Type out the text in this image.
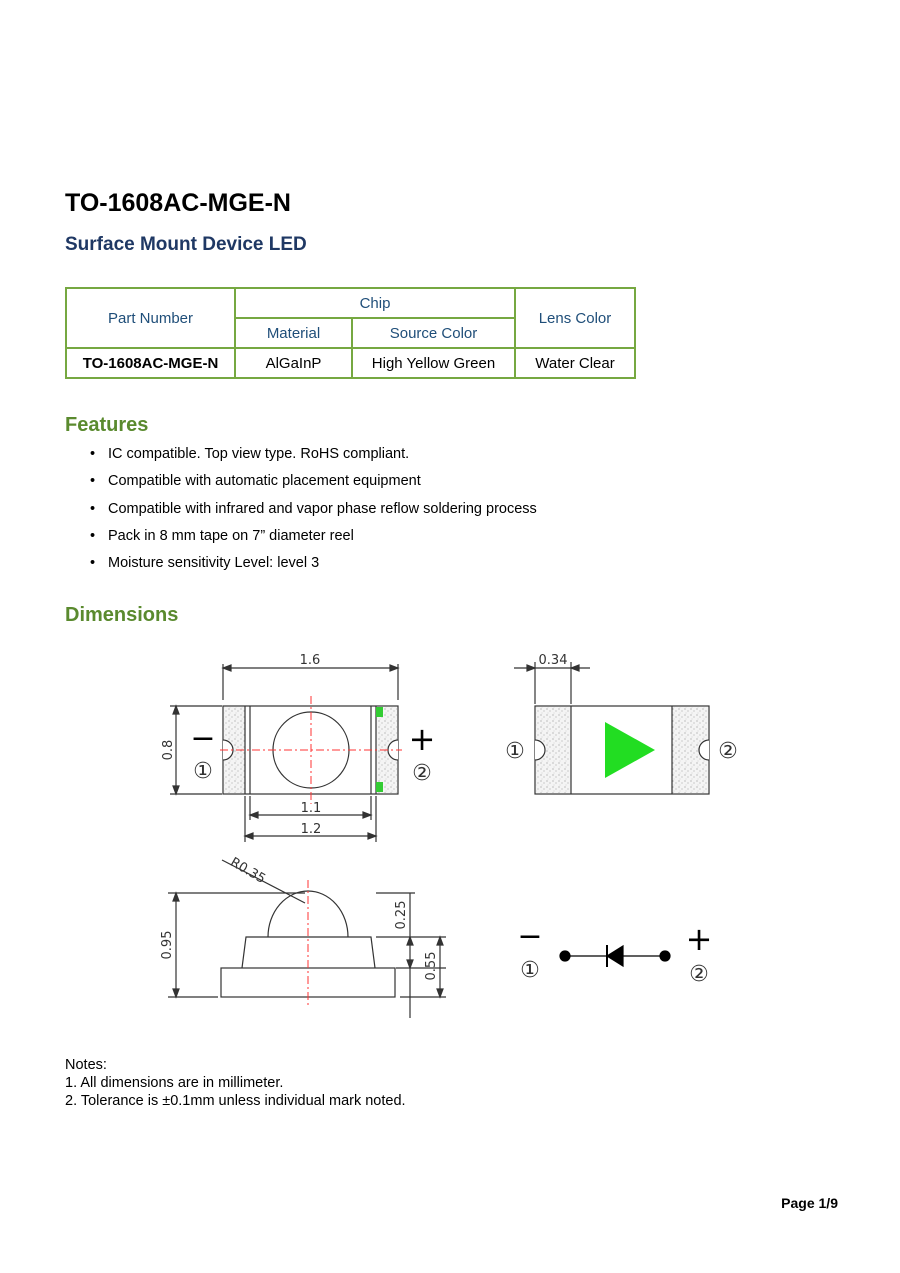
TO-1608AC-MGE-N
Surface Mount Device LED
Part Number	Chip		Lens Color
	Material	Source Color	
TO-1608AC-MGE-N	AlGaInP	High Yellow Green	Water Clear
Features
• IC compatible. Top view type. RoHS compliant.
• Compatible with automatic placement equipment
• Compatible with infrared and vapor phase reflow soldering process
• Pack in 8 mm tape on 7” diameter reel
• Moisture sensitivity Level: level 3
Dimensions
1.6
0.8
1.1
1.2
−
①
+
②
0.34
①	②
R0.35
0.95
0.25
0.55
−
①
+
②
Notes:
1. All dimensions are in millimeter.
2. Tolerance is ±0.1mm unless individual mark noted.
Page 1/9
